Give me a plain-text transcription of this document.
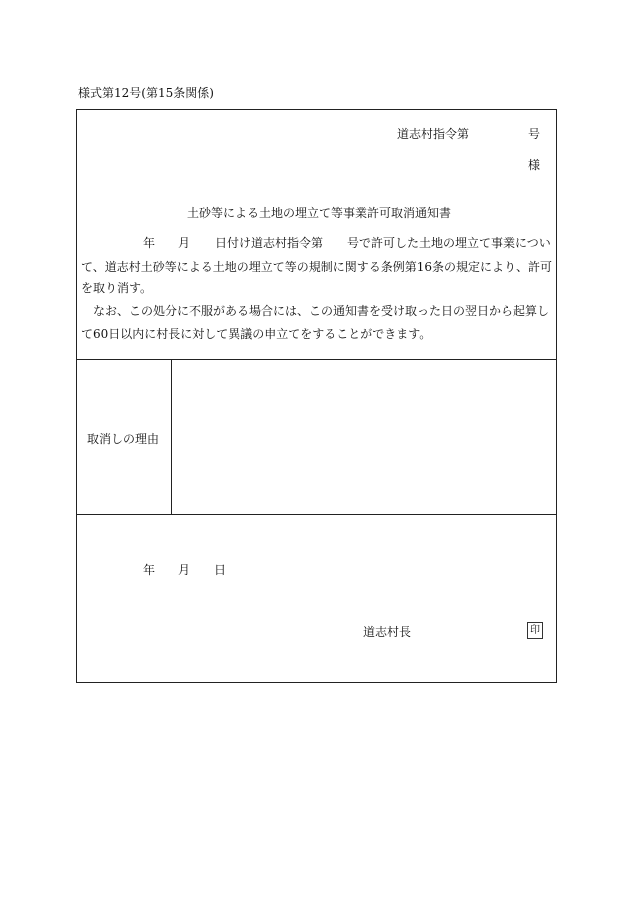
様式第12号(第15条関係)
道志村指令第	号
様
土砂等による土地の埋立て等事業許可取消通知書
年 月 日付け道志村指令第　　号で許可した土地の埋立て事業につい
て、道志村土砂等による土地の埋立て等の規制に関する条例第16条の規定により、許可
を取り消す。
　なお、この処分に不服がある場合には、この通知書を受け取った日の翌日から起算し
て60日以内に村長に対して異議の申立てをすることができます。
取消しの理由
年 月 日
道志村長	印
